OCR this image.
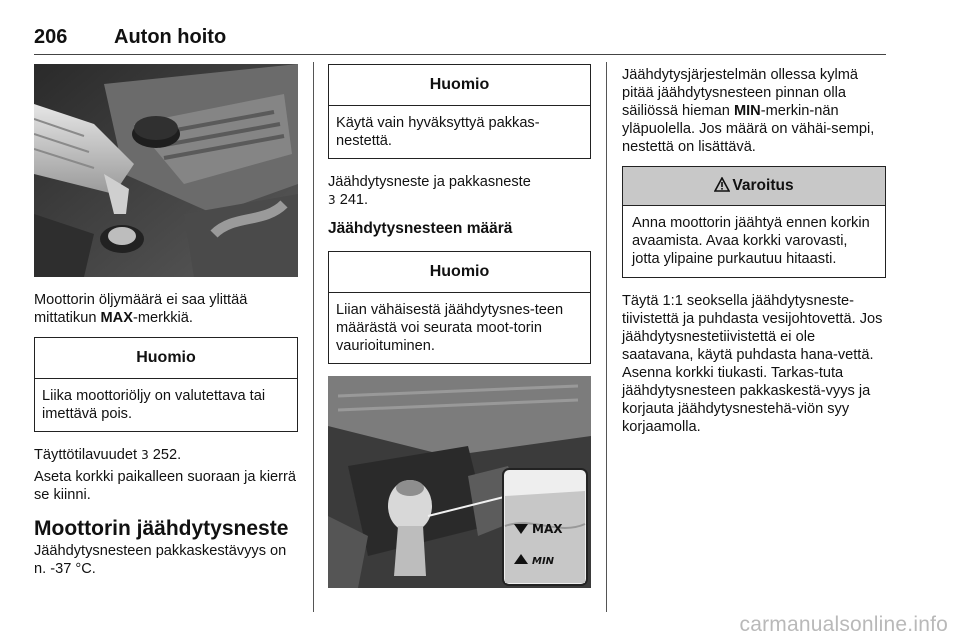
206 Auton hoito

Moottorin öljymäärä ei saa ylittää mittatikun MAX-merkkiä.

Huomio
Liika moottoriöljy on valutettava tai imettävä pois.

Täyttötilavuudet 3 252.

Aseta korkki paikalleen suoraan ja kierrä se kiinni.

Moottorin jäähdytysneste

Jäähdytysnesteen pakkaskestävyys on n. -37 °C.

Huomio
Käytä vain hyväksyttyä pakkas-nestettä.

Jäähdytysneste ja pakkasneste
3 241.

Jäähdytysnesteen määrä
Huomio
Liian vähäisestä jäähdytysnes-teen määrästä voi seurata moot-torin vaurioituminen.
MAX
MIN

Jäähdytysjärjestelmän ollessa kylmä pitää jäähdytysnesteen pinnan olla säiliössä hieman MIN-merkin-nän yläpuolella. Jos määrä on vähäi-sempi, nestettä on lisättävä.

Varoitus
Anna moottorin jäähtyä ennen korkin avaamista. Avaa korkki varovasti, jotta ylipaine purkautuu hitaasti.

Täytä 1:1 seoksella jäähdytysneste-tiivistettä ja puhdasta vesijohtovettä. Jos jäähdytysnestetiivistettä ei ole saatavana, käytä puhdasta hana-vettä. Asenna korkki tiukasti. Tarkas-tuta jäähdytysnesteen pakkaskestä-vyys ja korjauta jäähdytysnestehä-viön syy korjaamolla.

carmanualsonline.info
